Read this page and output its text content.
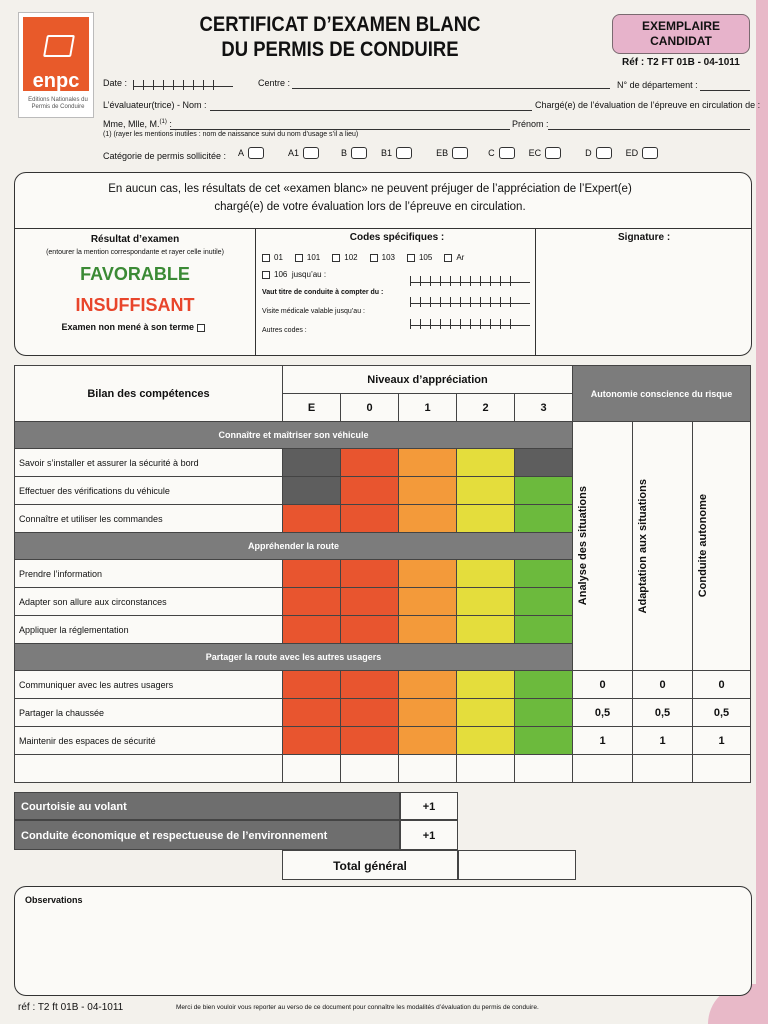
enpc
Editions Nationales du Permis de Conduire
CERTIFICAT D’EXAMEN BLANC
DU PERMIS DE CONDUIRE
EXEMPLAIRE
CANDIDAT
Réf : T2 FT 01B - 04-1011
Date :	Centre :	N° de département :
L’évaluateur(trice) - Nom :	Chargé(e) de l’évaluation de l’épreuve en circulation de :
Mme, Mlle, M.$^{(1)}$ :	Prénom :
(1) (rayer les mentions inutiles : nom de naissance suivi du nom d’usage s’il a lieu)
Catégorie de permis sollicitée : A	A1	B	B1	EB	C	EC	D	ED
En aucun cas, les résultats de cet «examen blanc» ne peuvent préjuger de l’appréciation de l’Expert(e)
chargé(e) de votre évaluation lors de l’épreuve en circulation.
Résultat d’examen
(entourer la mention correspondante et rayer celle inutile)
FAVORABLE
INSUFFISANT
Examen non mené à son terme
Codes spécifiques :
01	101	102	103	105	Ar
106 jusqu’au :
Vaut titre de conduite à compter du :
Visite médicale valable jusqu’au :
Autres codes :
Signature :
Bilan des compétences	Niveaux d’appréciation					Autonomie conscience du risque		
	E	0	1	2	3			
Connaître et maîtriser son véhicule						Analyse des situations	Adaptation aux situations	Conduite autonome

Savoir s’installer et assurer la sécurité à bord								
Effectuer des vérifications du véhicule								
Connaître et utiliser les commandes								
Appréhender la route								
Prendre l’information								
Adapter son allure aux circonstances								
Appliquer la réglementation								
Partager la route avec les autres usagers								
Communiquer avec les autres usagers						0	0	0
Partager la chaussée						0,5	0,5	0,5
Maintenir des espaces de sécurité						1	1	1

Courtoisie au volant	+1
Conduite économique et respectueuse de l’environnement	+1
Total général
Observations
réf : T2 ft 01B - 04-1011	Merci de bien vouloir vous reporter au verso de ce document pour connaître les modalités d’évaluation du permis de conduire.
